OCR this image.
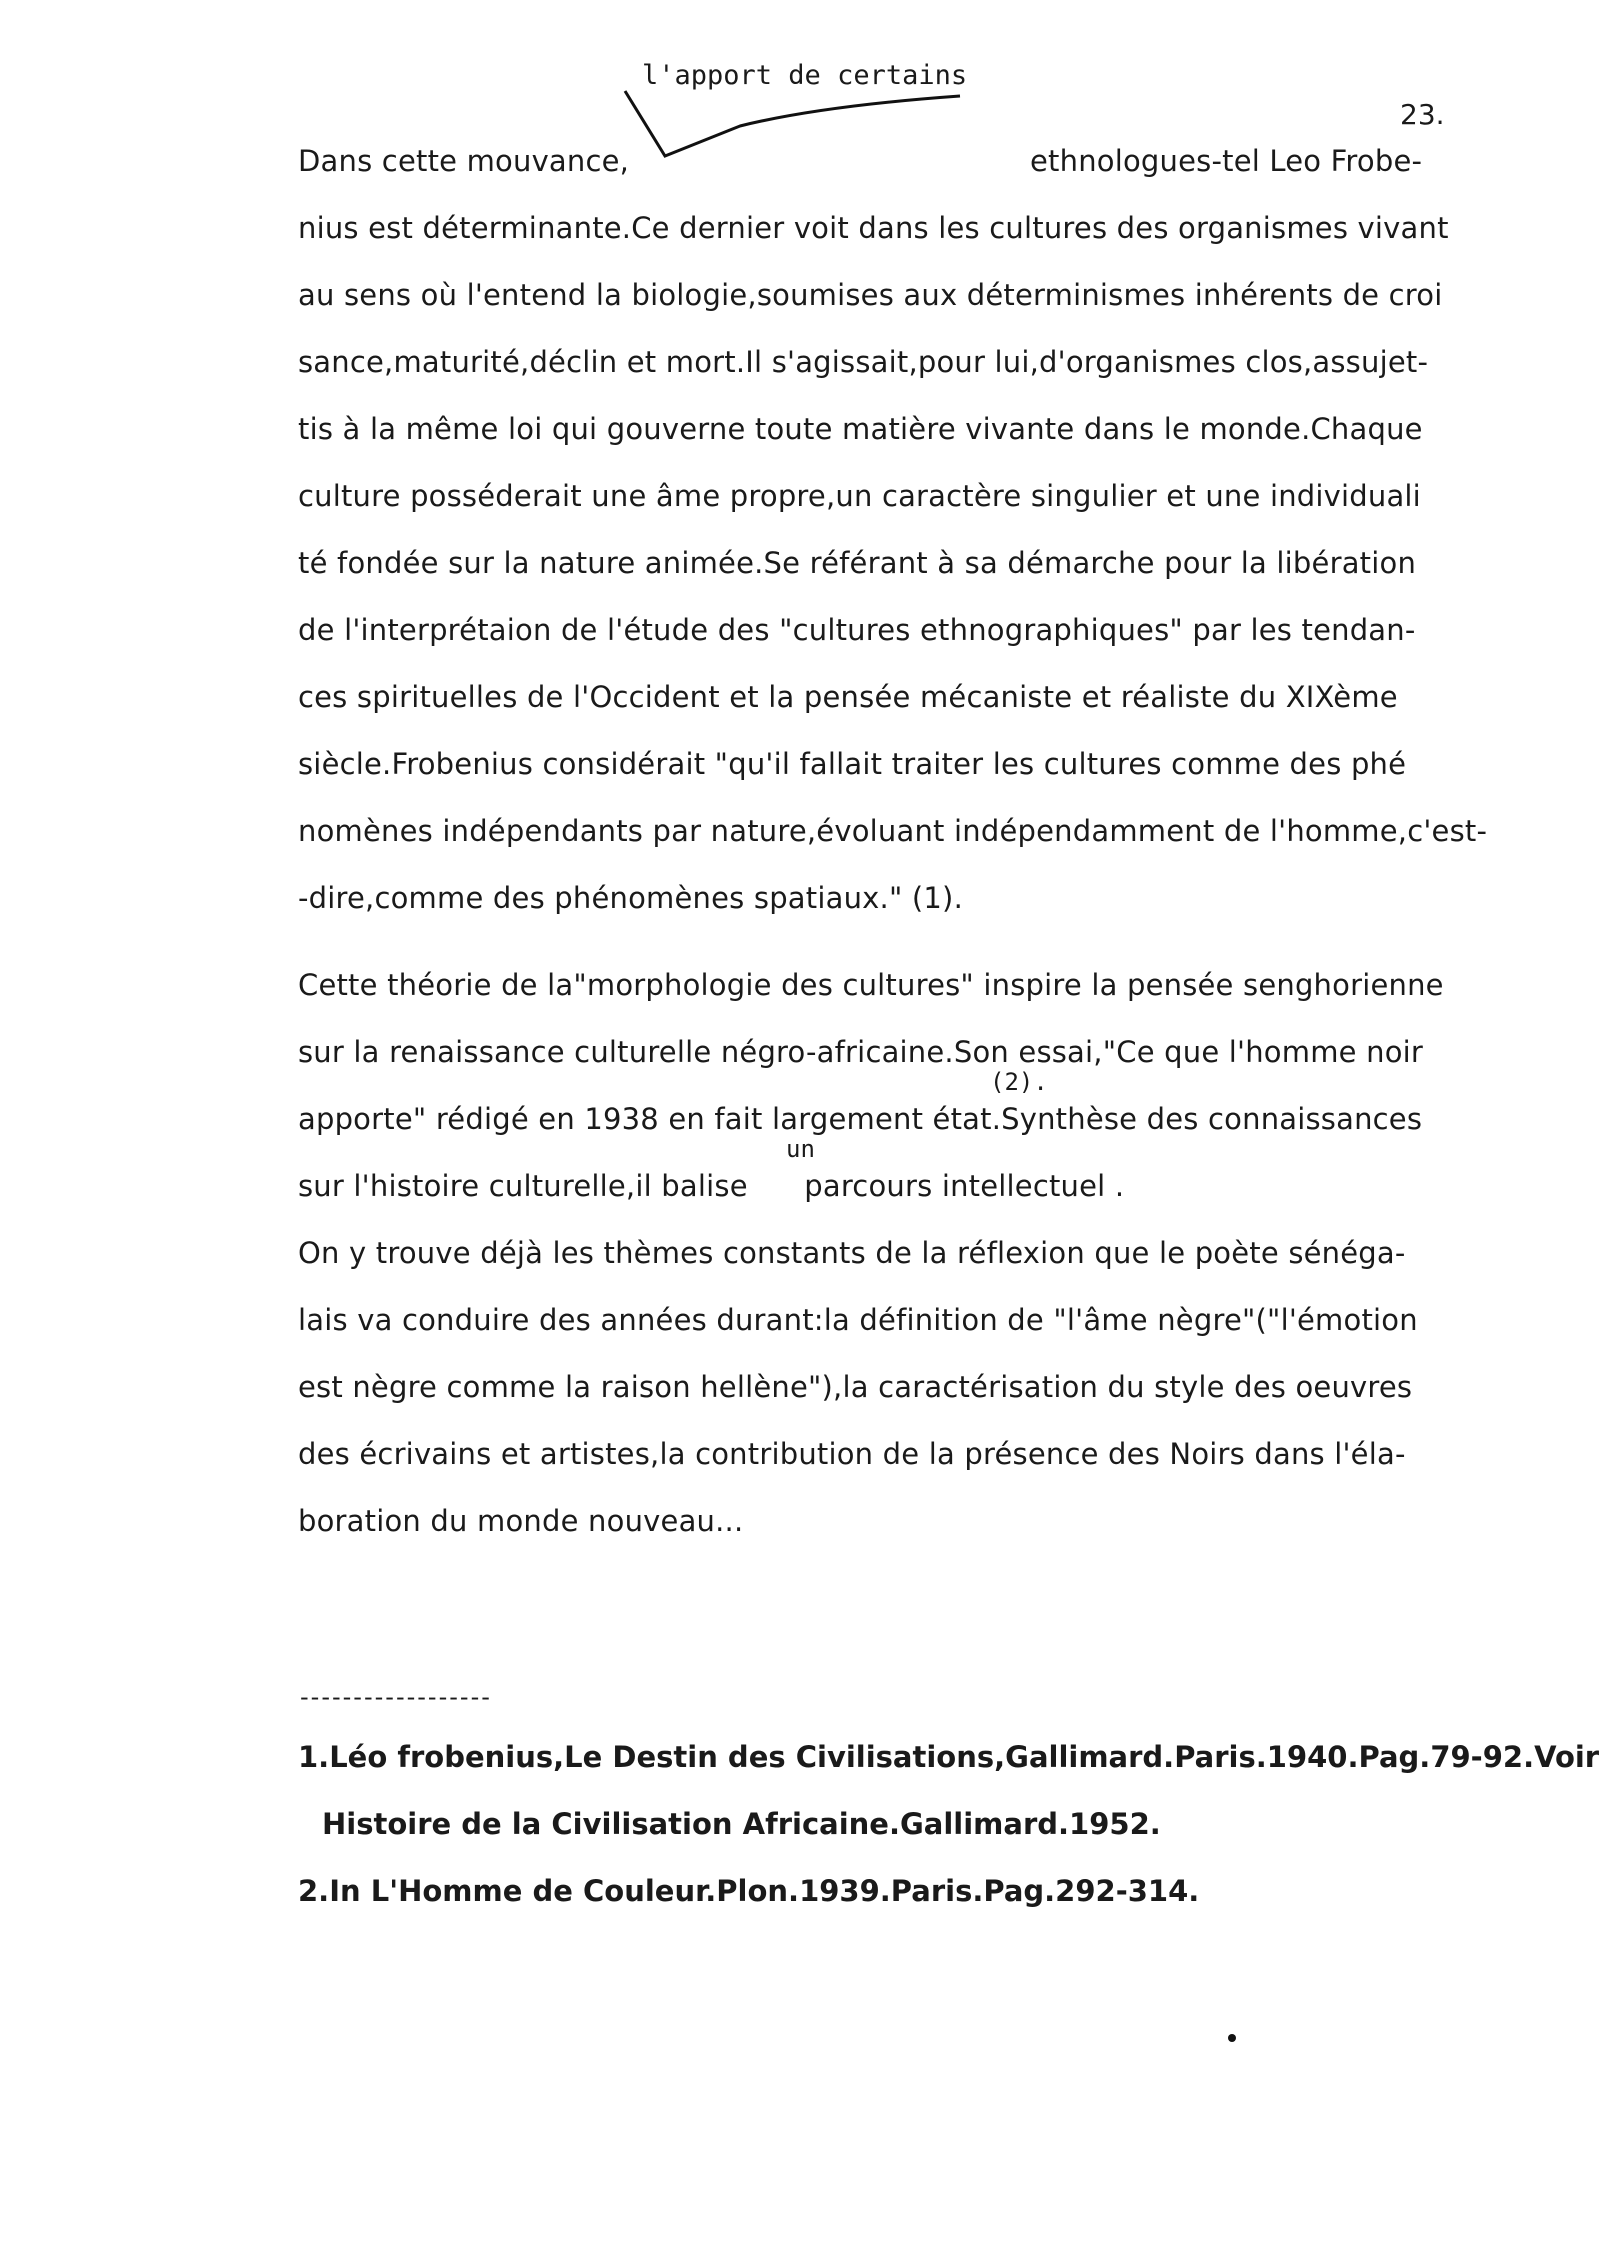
23.
l'apport de certains
Dans cette mouvance,	ethnologues-tel Leo Frobe-
nius est déterminante.Ce dernier voit dans les cultures des organismes vivant
au sens où l'entend la biologie,soumises aux déterminismes inhérents de croi
sance,maturité,déclin et mort.Il s'agissait,pour lui,d'organismes clos,assujet-
tis à la même loi qui gouverne toute matière vivante dans le monde.Chaque
culture posséderait une âme propre,un caractère singulier et une individuali
té fondée sur la nature animée.Se référant à sa démarche pour la libération
de l'interprétaion de l'étude des "cultures ethnographiques" par les tendan-
ces spirituelles de l'Occident et la pensée mécaniste et réaliste du XIXème
siècle.Frobenius considérait "qu'il fallait traiter les cultures comme des phé
nomènes indépendants par nature,évoluant indépendamment de l'homme,c'est-
-dire,comme des phénomènes spatiaux." (1).
Cette théorie de la"morphologie des cultures" inspire la pensée senghorienne
sur la renaissance culturelle négro-africaine.Son essai,"Ce que l'homme noir
(2).
apporte" rédigé en 1938 en fait largement état.Synthèse des connaissances
un
sur l'histoire culturelle,il balise      parcours intellectuel .
On y trouve déjà les thèmes constants de la réflexion que le poète sénéga-
lais va conduire des années durant:la définition de "l'âme nègre"("l'émotion
est nègre comme la raison hellène"),la caractérisation du style des oeuvres
des écrivains et artistes,la contribution de la présence des Noirs dans l'éla-
boration du monde nouveau...
------------------
1.Léo frobenius,Le Destin des Civilisations,Gallimard.Paris.1940.Pag.79-92.Voir
Histoire de la Civilisation Africaine.Gallimard.1952.
2.In L'Homme de Couleur.Plon.1939.Paris.Pag.292-314.
